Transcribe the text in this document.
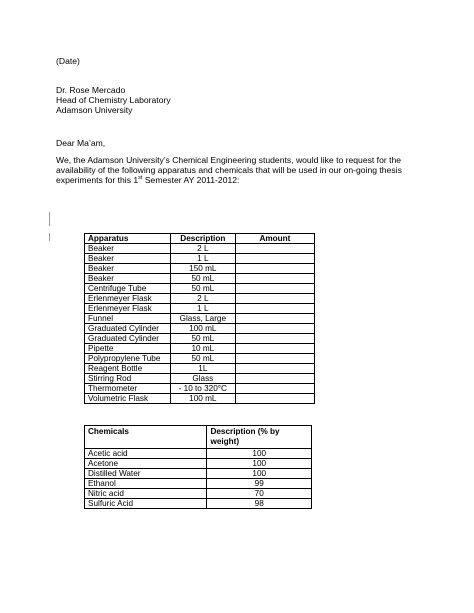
(Date)
Dr. Rose Mercado
Head of Chemistry Laboratory
Adamson University
Dear Ma’am,
We, the Adamson University’s Chemical Engineering students, would like to request for the
availability of the following apparatus and chemicals that will be used in our on-going thesis
experiments for this 1st Semester AY 2011-2012:
Apparatus	Description	Amount
Beaker	2 L	
Beaker	1 L	
Beaker	150 mL	
Beaker	50 mL	
Centrifuge Tube	50 mL	
Erlenmeyer Flask	2 L	
Erlenmeyer Flask	1 L	
Funnel	Glass, Large	
Graduated Cylinder	100 mL	
Graduated Cylinder	50 mL	
Pipette	10 mL	
Polypropylene Tube	50 mL	
Reagent Bottle	1L	
Stirring Rod	Glass	
Thermometer	- 10 to 320°C	
Volumetric Flask	100 mL	
Chemicals	Description (% by weight)
Acetic acid	100
Acetone	100
Distilled Water	100
Ethanol	99
Nitric acid	70
Sulfuric Acid	98
